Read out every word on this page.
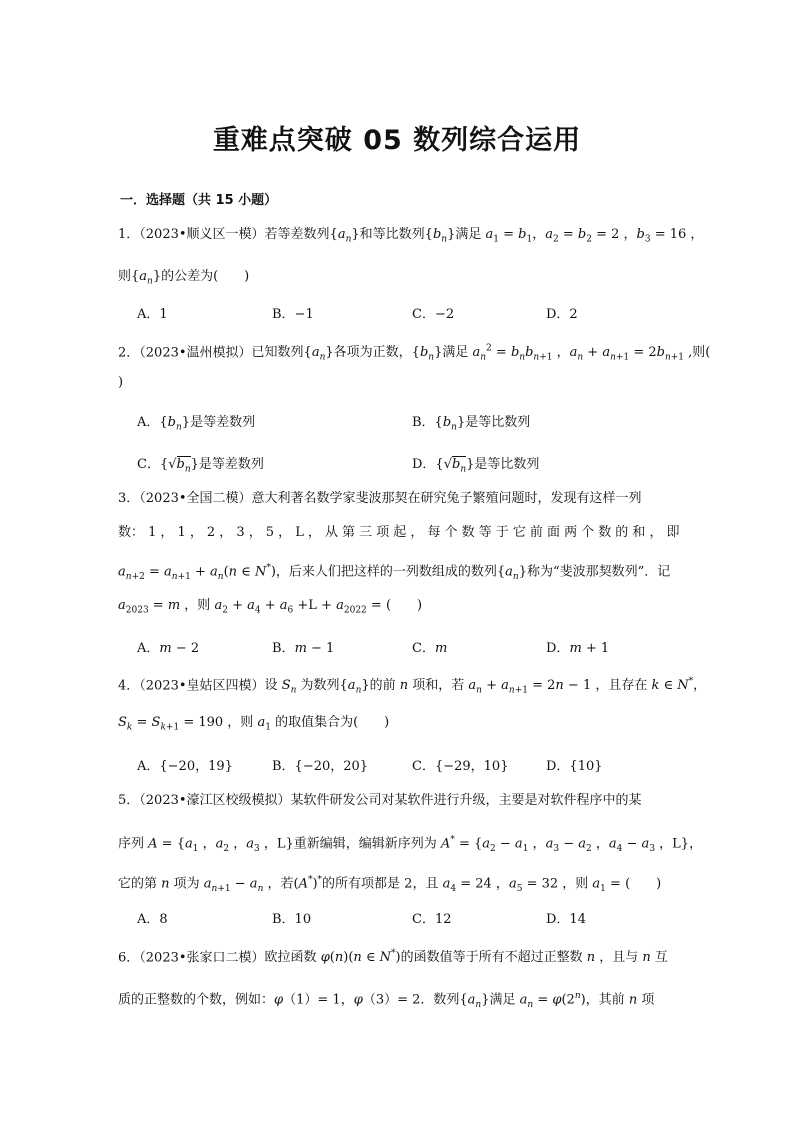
重难点突破 05 数列综合运用
一．选择题（共 15 小题）
1．（2023•顺义区一模）若等差数列$\{a_n\}$和等比数列$\{b_n\}$满足 $a_1 = b_1$，$a_2 = b_2 = 2$ ，$b_3 = 16$ ，
则$\{a_n\}$的公差为(　　)
A．1	B．−1	C．−2	D．2
2．（2023•温州模拟）已知数列$\{a_n\}$各项为正数，$\{b_n\}$满足 $a_n^2 = b_nb_{n+1}$ ，$a_n + a_{n+1} = 2b_{n+1}$ ,则(
)
A．$\{b_n\}$是等差数列	B．$\{b_n\}$是等比数列
C．$\{√b_n\}$是等差数列	D．$\{√b_n\}$是等比数列
3．（2023•全国二模）意大利著名数学家斐波那契在研究兔子繁殖问题时，发现有这样一列
数： 1 ， 1 ， 2 ， 3 ， 5 ， L ， 从 第 三 项 起 ， 每 个 数 等 于 它 前 面 两 个 数 的 和 ， 即
$a_{n+2} = a_{n+1} + a_n(n$ ∈ N*)，后来人们把这样的一列数组成的数列$\{a_n\}$称为“斐波那契数列”．记
$a_{2023} = m$ ，则 $a_2 + a_4 + a_6 +L + a_{2022}$ = (　　)
A．m − 2	B．m − 1	C．m	D．m + 1
4．（2023•皇姑区四模）设 $S_n$ 为数列$\{a_n\}$的前 n 项和，若 $a_n + a_{n+1} = 2n - 1$ ，且存在 k ∈ N*，
$S_k = S_{k+1} = 190$ ，则 $a_1$ 的取值集合为(　　)
A．{−20，19}	B．{−20，20}	C．{−29，10}	D．{10}
5．（2023•濠江区校级模拟）某软件研发公司对某软件进行升级，主要是对软件程序中的某
序列 $A = \{a_1$ ，$a_2$ ，$a_3$ ，L}重新编辑，编辑新序列为 $A^* = \{a_2 - a_1$ ，$a_3 - a_2$ ，$a_4 - a_3$ ，L}，
它的第 n 项为 $a_{n+1} - a_n$ ，若(A*)*的所有项都是 2，且 $a_4 = 24$ ，$a_5 = 32$ ，则 $a_1$ = (　　)
A．8	B．10	C．12	D．14
6．（2023•张家口二模）欧拉函数 φ(n)(n ∈ N*)的函数值等于所有不超过正整数 n ，且与 n 互
质的正整数的个数，例如：φ（1）= 1，φ（3）= 2．数列$\{a_n\}$满足 $a_n = \varphi(2^n)$，其前 n 项
